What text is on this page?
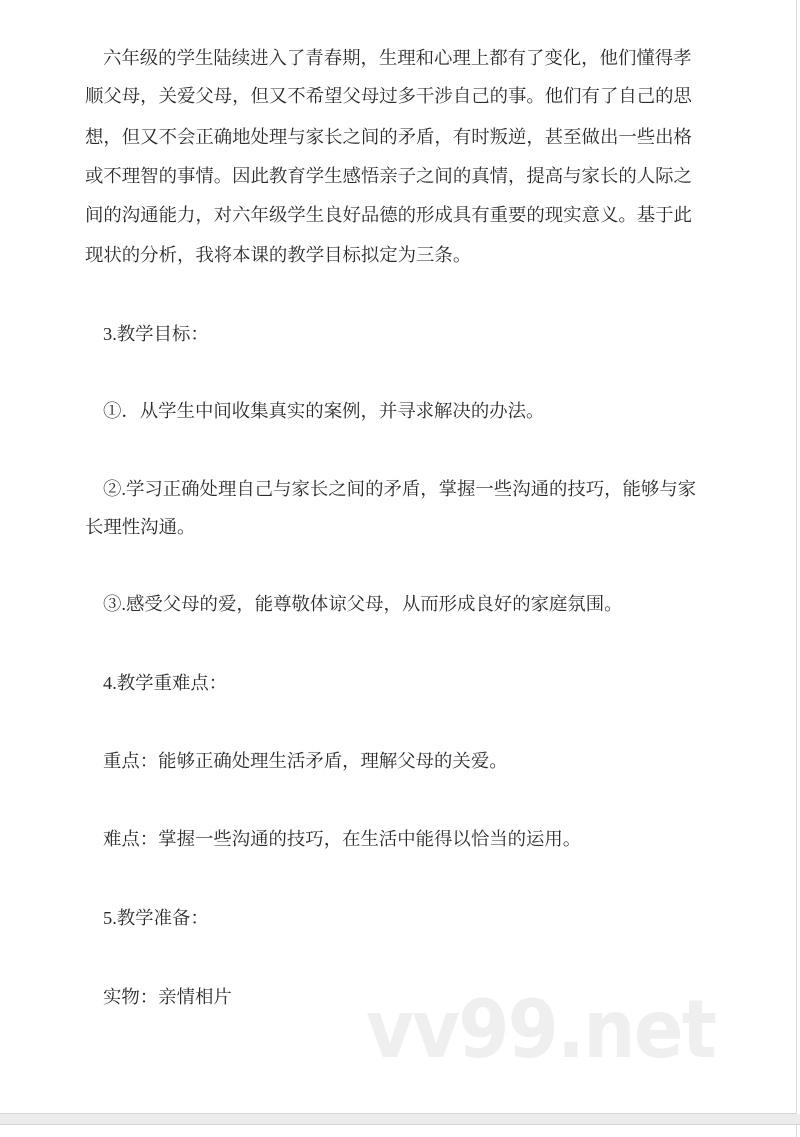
六年级的学生陆续进入了青春期，生理和心理上都有了变化，他们懂得孝

顺父母，关爱父母，但又不希望父母过多干涉自己的事。他们有了自己的思

想，但又不会正确地处理与家长之间的矛盾，有时叛逆，甚至做出一些出格

或不理智的事情。因此教育学生感悟亲子之间的真情，提高与家长的人际之

间的沟通能力，对六年级学生良好品德的形成具有重要的现实意义。基于此

现状的分析，我将本课的教学目标拟定为三条。

3.教学目标：

①．从学生中间收集真实的案例，并寻求解决的办法。

②.学习正确处理自己与家长之间的矛盾，掌握一些沟通的技巧，能够与家

长理性沟通。

③.感受父母的爱，能尊敬体谅父母，从而形成良好的家庭氛围。

4.教学重难点：

重点：能够正确处理生活矛盾，理解父母的关爱。

难点：掌握一些沟通的技巧，在生活中能得以恰当的运用。

5.教学准备：

实物：亲情相片 vv99.net
